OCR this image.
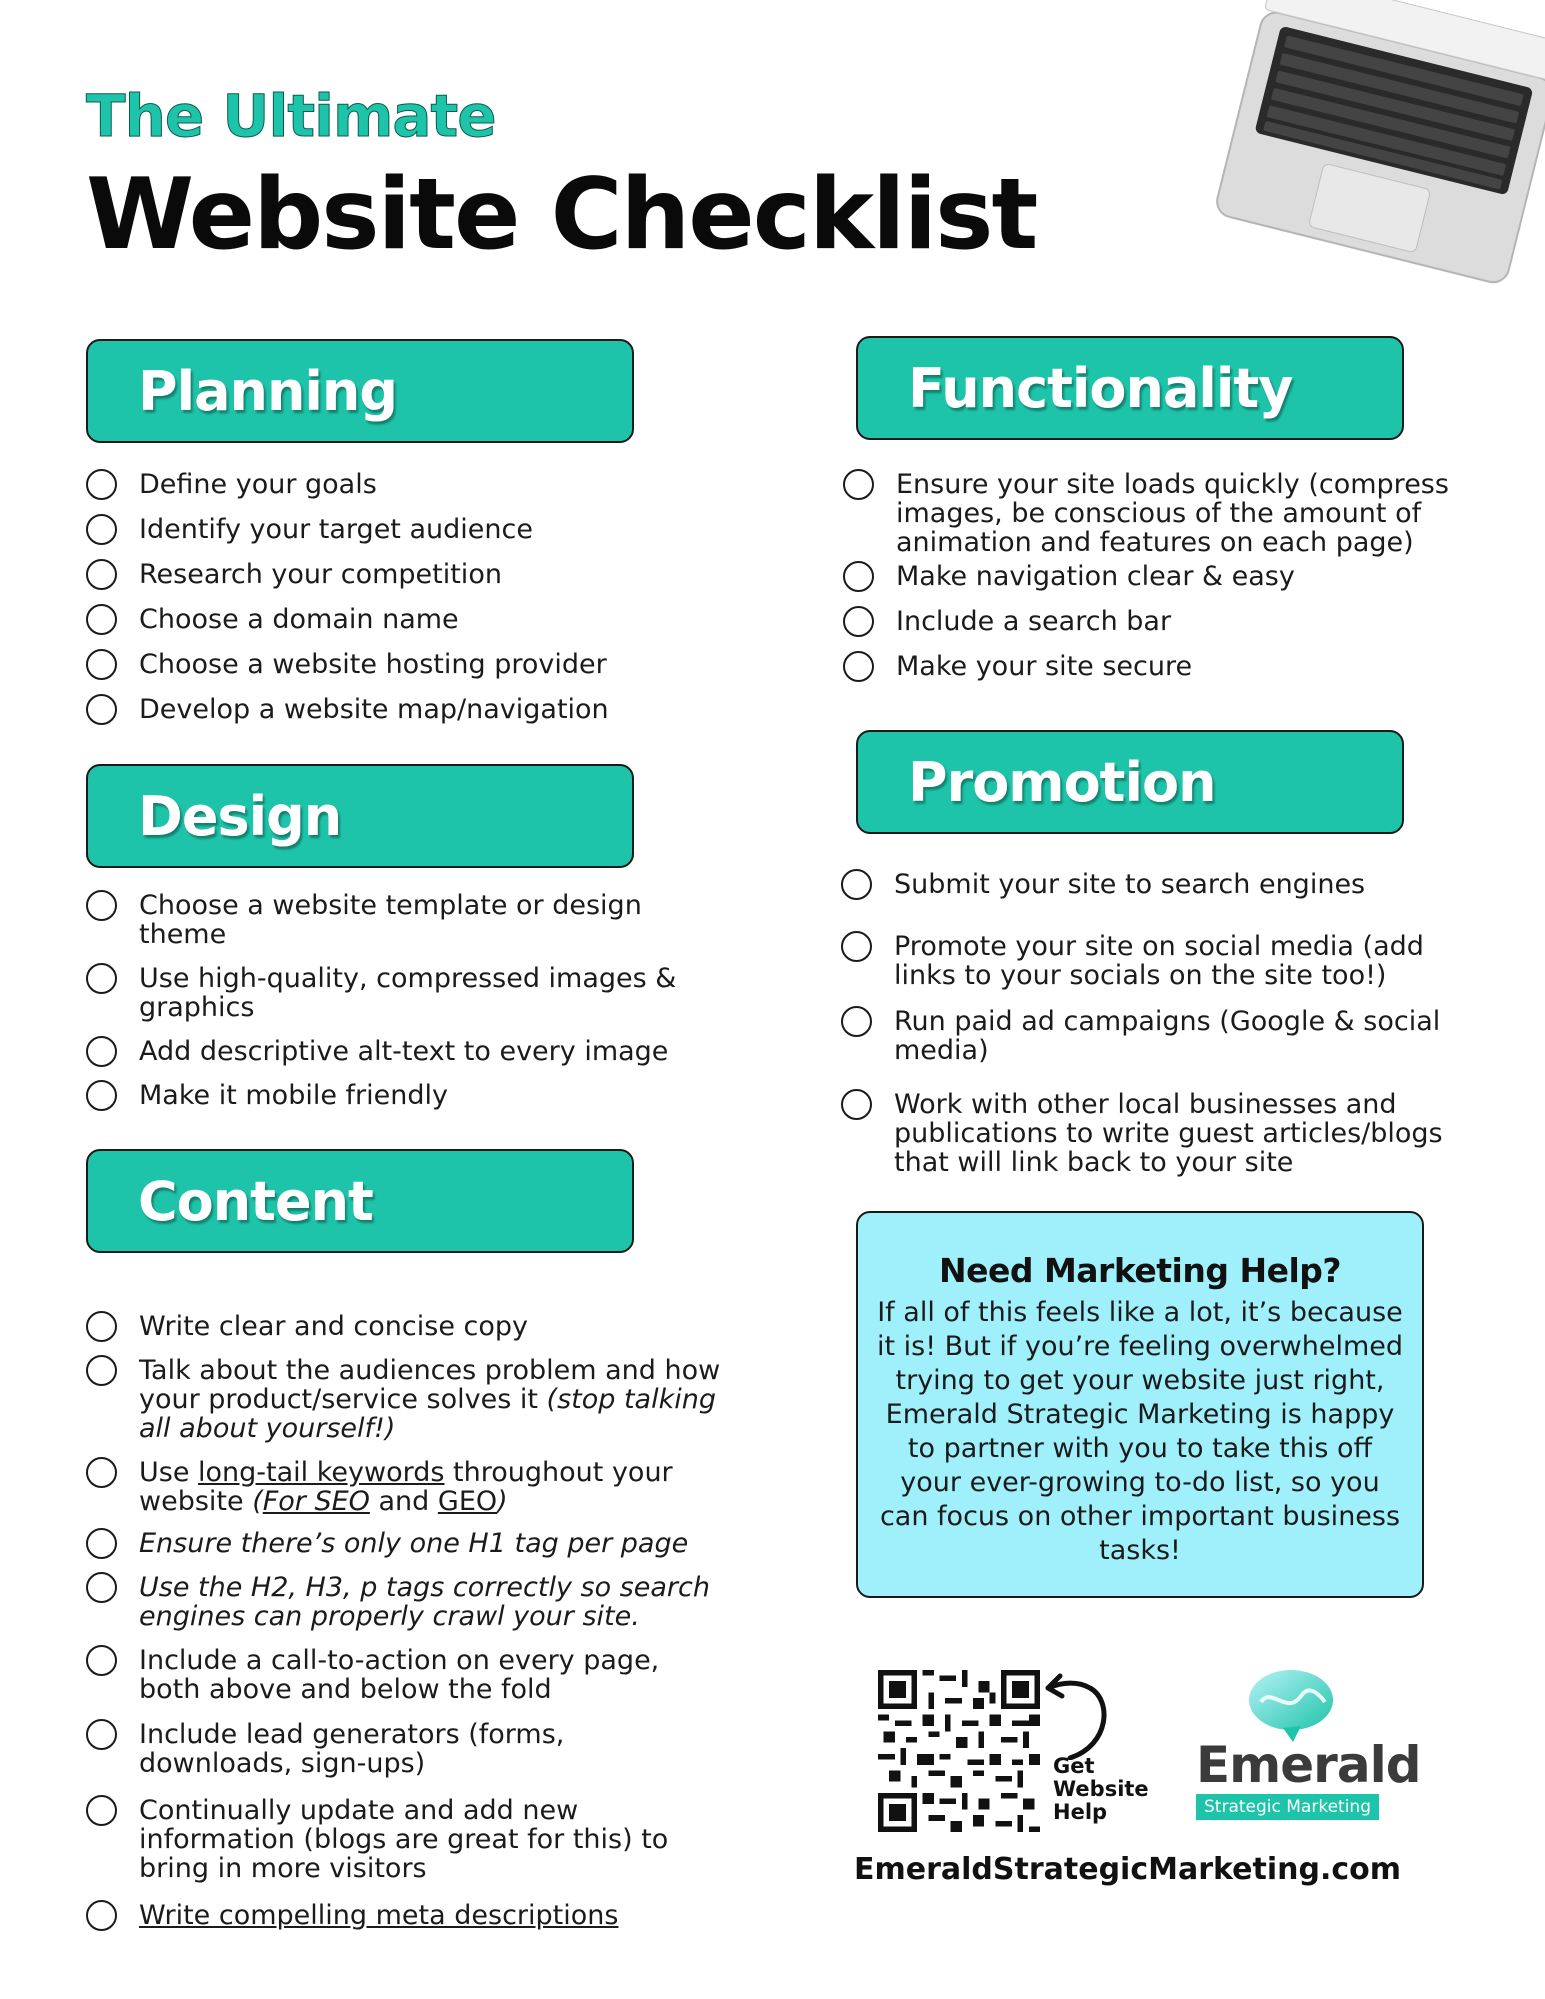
The Ultimate
Website Checklist
Planning
Define your goals
Identify your target audience
Research your competition
Choose a domain name
Choose a website hosting provider
Develop a website map/navigation
Design
Choose a website template or design theme
Use high-quality, compressed images & graphics
Add descriptive alt-text to every image
Make it mobile friendly
Content
Write clear and concise copy
Talk about the audiences problem and how your product/service solves it (stop talking all about yourself!)
Use long-tail keywords throughout your website (For SEO and GEO)
Ensure there’s only one H1 tag per page
Use the H2, H3, p tags correctly so search engines can properly crawl your site.
Include a call-to-action on every page, both above and below the fold
Include lead generators (forms, downloads, sign-ups)
Continually update and add new information (blogs are great for this) to bring in more visitors
Write compelling meta descriptions
Functionality
Ensure your site loads quickly (compress images, be conscious of the amount of animation and features on each page)
Make navigation clear & easy
Include a search bar
Make your site secure
Promotion
Submit your site to search engines
Promote your site on social media (add links to your socials on the site too!)
Run paid ad campaigns (Google & social media)
Work with other local businesses and publications to write guest articles/blogs that will link back to your site
Need Marketing Help?
If all of this feels like a lot, it’s because it is! But if you’re feeling overwhelmed trying to get your website just right, Emerald Strategic Marketing is happy to partner with you to take this off your ever-growing to-do list, so you can focus on other important business tasks!
Get
Website
Help
Emerald
Strategic Marketing
EmeraldStrategicMarketing.com
